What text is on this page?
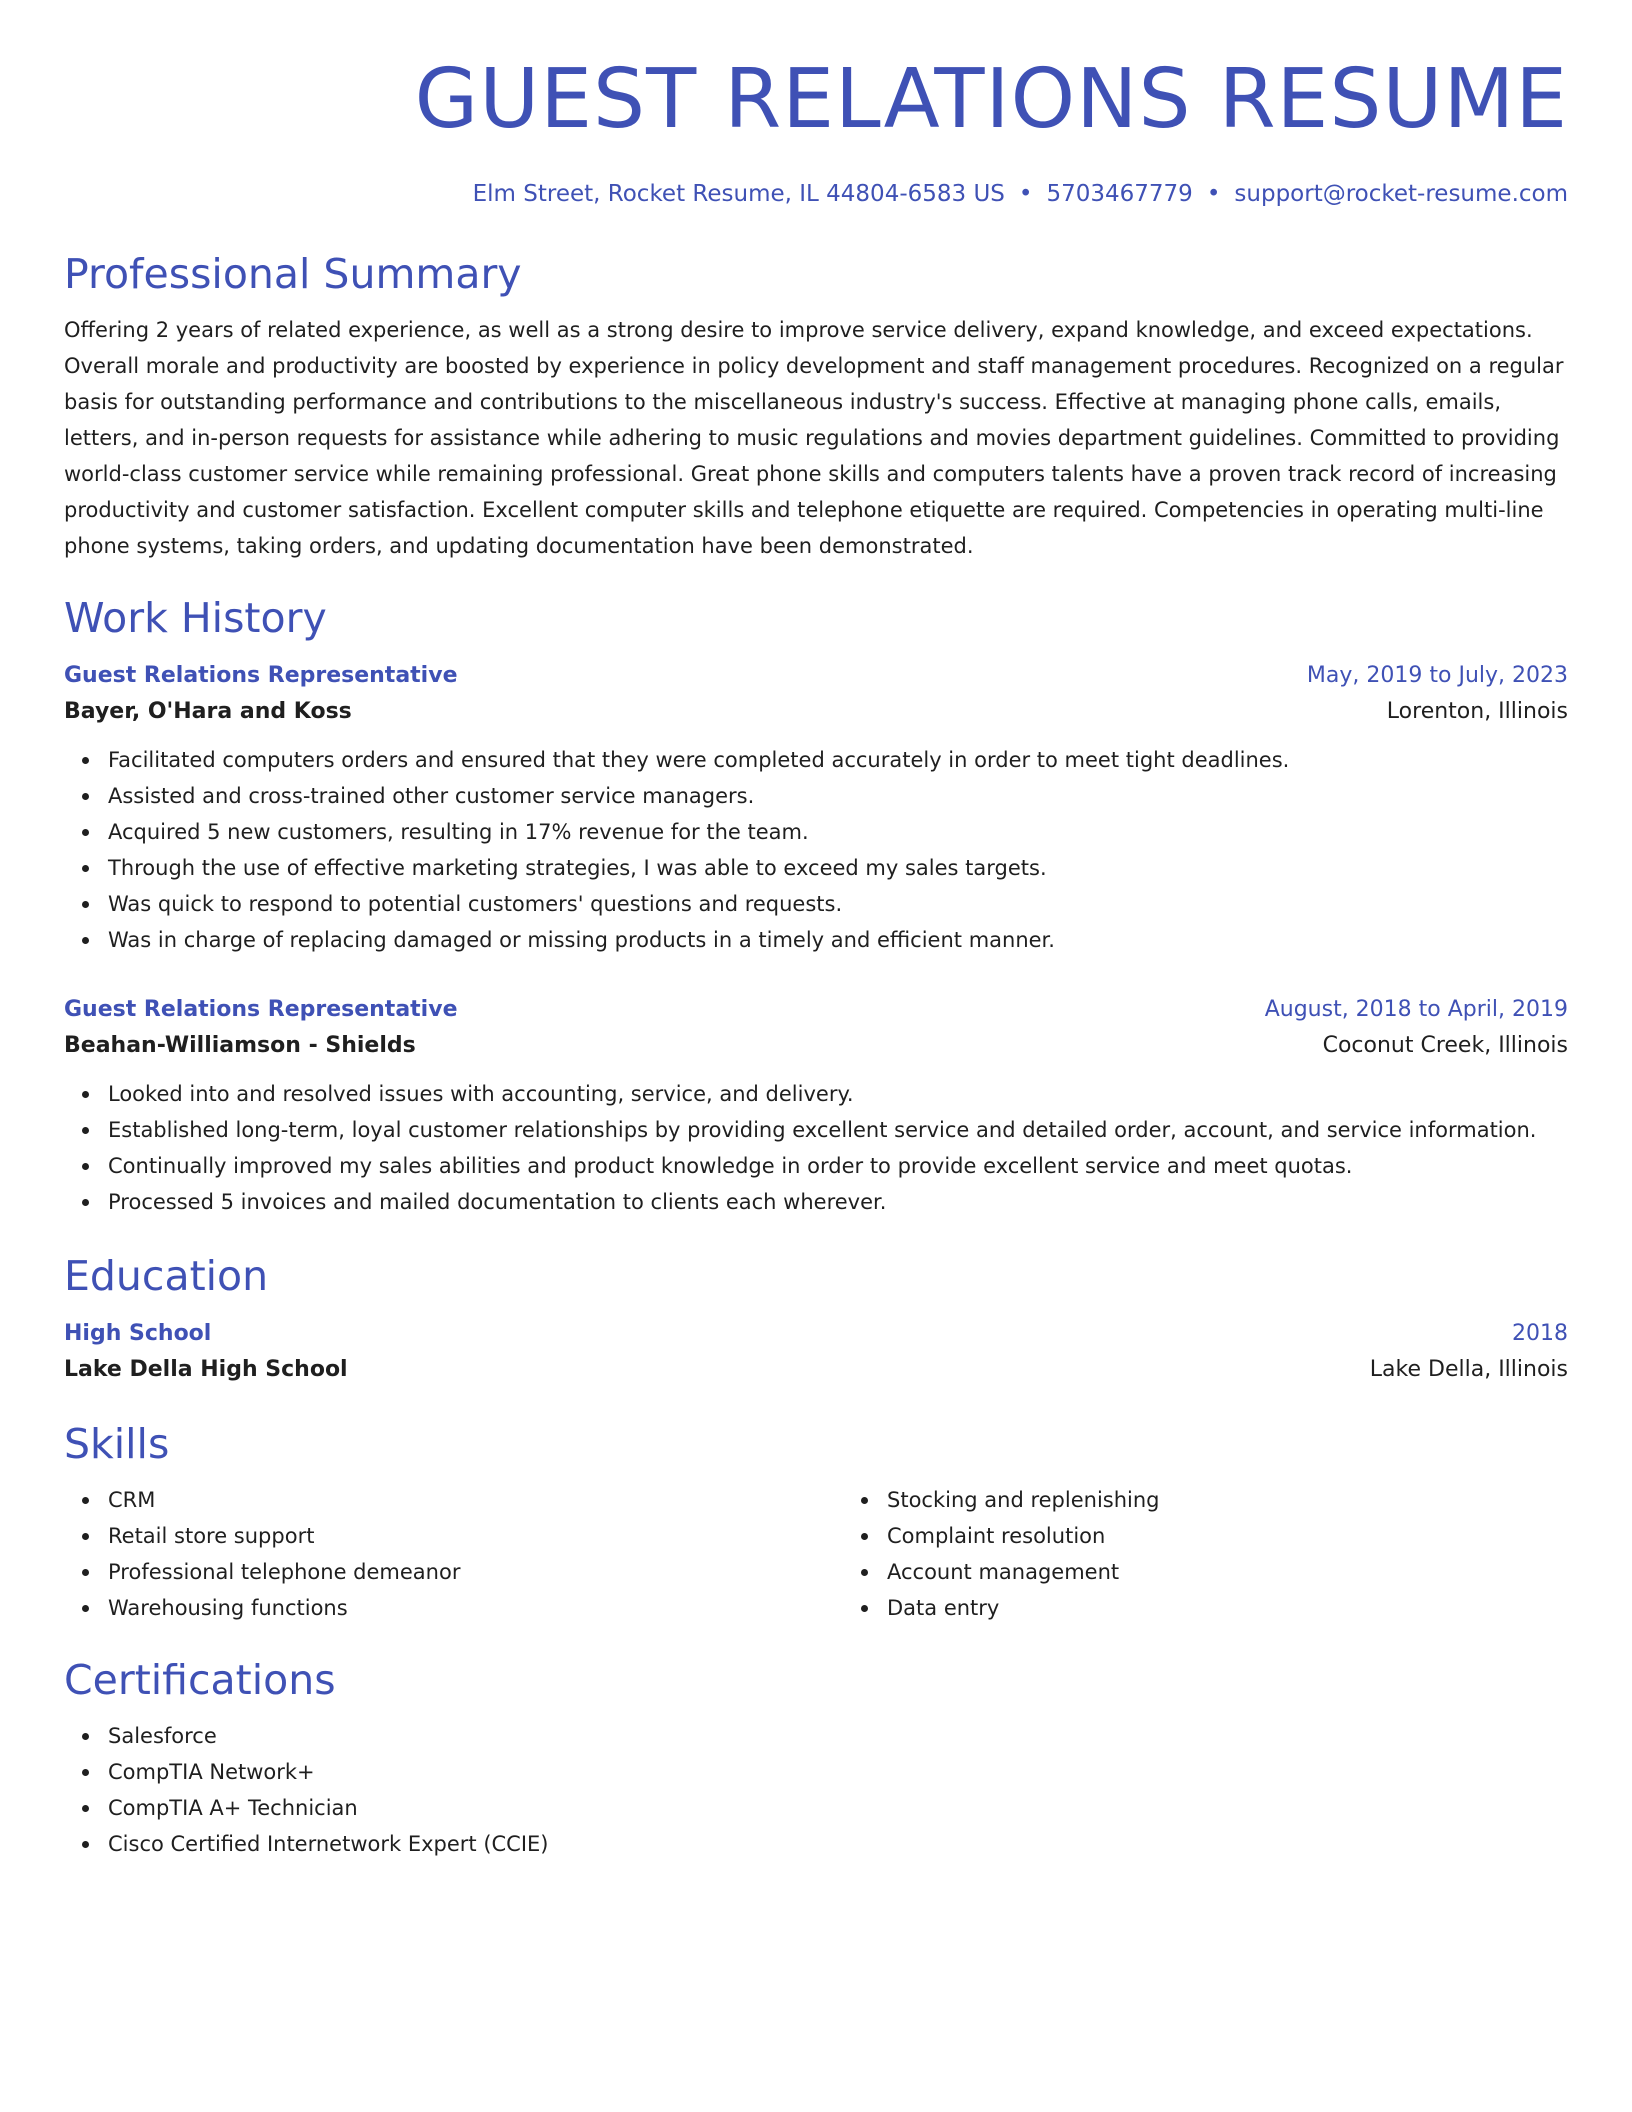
GUEST RELATIONS RESUME
Elm Street, Rocket Resume, IL 44804-6583 US • 5703467779 • support@rocket-resume.com
Professional Summary
Offering 2 years of related experience, as well as a strong desire to improve service delivery, expand knowledge, and exceed expectations. Overall morale and productivity are boosted by experience in policy development and staff management procedures. Recognized on a regular basis for outstanding performance and contributions to the miscellaneous industry's success. Effective at managing phone calls, emails, letters, and in-person requests for assistance while adhering to music regulations and movies department guidelines. Committed to providing world-class customer service while remaining professional. Great phone skills and computers talents have a proven track record of increasing productivity and customer satisfaction. Excellent computer skills and telephone etiquette are required. Competencies in operating multi-line phone systems, taking orders, and updating documentation have been demonstrated.
Work History
Guest Relations Representative	May, 2019 to July, 2023
Bayer, O'Hara and Koss	Lorenton, Illinois
Facilitated computers orders and ensured that they were completed accurately in order to meet tight deadlines.
Assisted and cross-trained other customer service managers.
Acquired 5 new customers, resulting in 17% revenue for the team.
Through the use of effective marketing strategies, I was able to exceed my sales targets.
Was quick to respond to potential customers' questions and requests.
Was in charge of replacing damaged or missing products in a timely and efficient manner.
Guest Relations Representative	August, 2018 to April, 2019
Beahan-Williamson - Shields	Coconut Creek, Illinois
Looked into and resolved issues with accounting, service, and delivery.
Established long-term, loyal customer relationships by providing excellent service and detailed order, account, and service information.
Continually improved my sales abilities and product knowledge in order to provide excellent service and meet quotas.
Processed 5 invoices and mailed documentation to clients each wherever.
Education
High School	2018
Lake Della High School	Lake Della, Illinois
Skills
CRM
Retail store support
Professional telephone demeanor
Warehousing functions
Stocking and replenishing
Complaint resolution
Account management
Data entry
Certifications
Salesforce
CompTIA Network+
CompTIA A+ Technician
Cisco Certified Internetwork Expert (CCIE)
